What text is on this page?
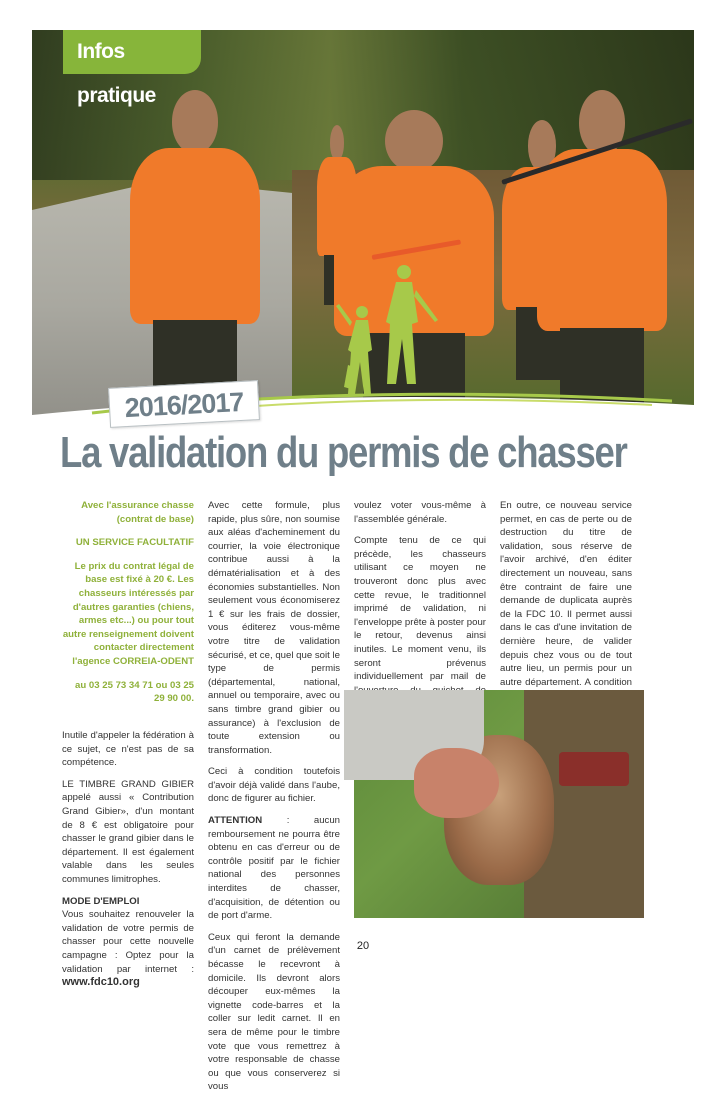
Infos pratique
2016/2017
La validation du permis de chasser

Avec l'assurance chasse (contrat de base)

UN SERVICE FACULTATIF

Le prix du contrat légal de base est fixé à 20 €. Les chasseurs intéressés par d'autres garanties (chiens, armes etc...) ou pour tout autre renseignement doivent contacter directement l'agence CORREIA-ODENT

au 03 25 73 34 71 ou 03 25 29 90 00.

Inutile d'appeler la fédération à ce sujet, ce n'est pas de sa compétence.

LE TIMBRE GRAND GIBIER appelé aussi « Contribution Grand Gibier», d'un montant de 8 € est obligatoire pour chasser le grand gibier dans le département. Il est également valable dans les seules communes limitrophes.

MODE D'EMPLOI

Vous souhaitez renouveler la validation de votre permis de chasser pour cette nouvelle campagne : Optez pour la validation par internet : www.fdc10.org

Avec cette formule, plus rapide, plus sûre, non soumise aux aléas d'acheminement du courrier, la voie électronique contribue aussi à la dématérialisation et à des économies substantielles. Non seulement vous économiserez 1 € sur les frais de dossier, vous éditerez vous-même votre titre de validation sécurisé, et ce, quel que soit le type de permis (départemental, national, annuel ou temporaire, avec ou sans timbre grand gibier ou assurance) à l'exclusion de toute extension ou transformation.

Ceci à condition toutefois d'avoir déjà validé dans l'aube, donc de figurer au fichier.

ATTENTION : aucun remboursement ne pourra être obtenu en cas d'erreur ou de contrôle positif par le fichier national des personnes interdites de chasser, d'acquisition, de détention ou de port d'arme.

Ceux qui feront la demande d'un carnet de prélèvement bécasse le recevront à domicile. Ils devront alors découper eux-mêmes la vignette code-barres et la coller sur ledit carnet. Il en sera de même pour le timbre vote que vous remettrez à votre responsable de chasse ou que vous conserverez si vous

voulez voter vous-même à l'assemblée générale.

Compte tenu de ce qui précède, les chasseurs utilisant ce moyen ne trouveront donc plus avec cette revue, le traditionnel imprimé de validation, ni l'enveloppe prête à poster pour le retour, devenus ainsi inutiles. Le moment venu, ils seront prévenus individuellement par mail de

En outre, ce nouveau service permet, en cas de perte ou de destruction du titre de validation, sous réserve de l'avoir archivé, d'en éditer directement un nouveau, sans être contraint de faire une demande de duplicata auprès de la FDC 10. Il permet aussi dans le cas d'une invitation de dernière heure, de valider depuis chez vous ou de tout autre lieu, un permis pour un autre département. A condition

20
